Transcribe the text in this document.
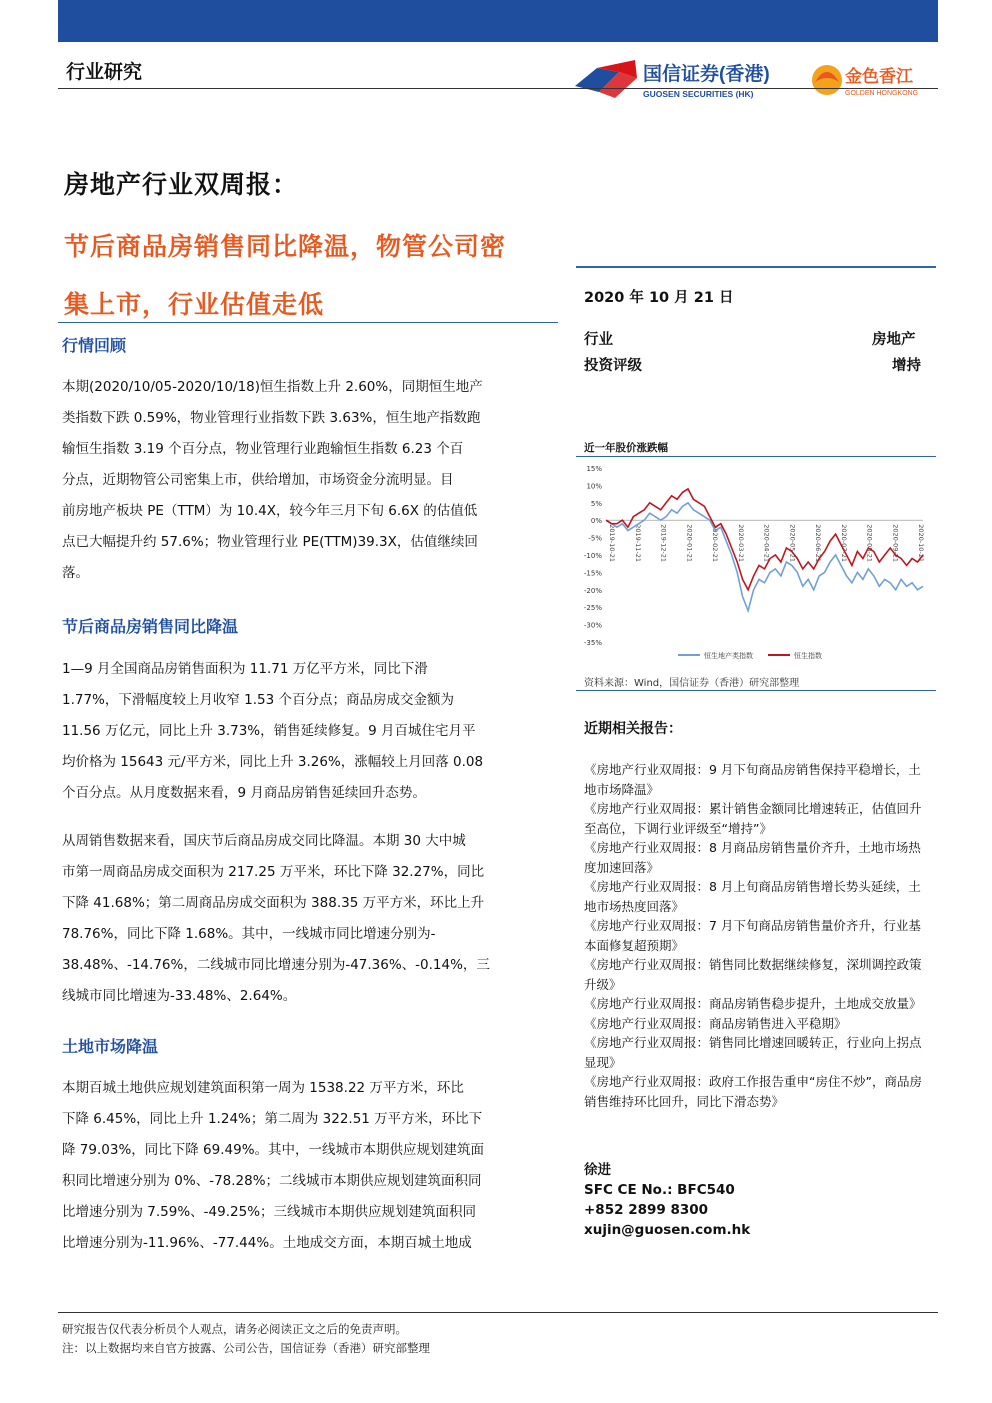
行业研究	国信证券(香港)
GUOSEN SECURITIES (HK)
金色香江
GOLDEN HONGKONG
房地产行业双周报：
节后商品房销售同比降温，物管公司密
集上市，行业估值走低
行情回顾
本期(2020/10/05-2020/10/18)恒生指数上升 2.60%，同期恒生地产
类指数下跌 0.59%，物业管理行业指数下跌 3.63%，恒生地产指数跑
输恒生指数 3.19 个百分点，物业管理行业跑输恒生指数 6.23 个百
分点，近期物管公司密集上市，供给增加，市场资金分流明显。目
前房地产板块 PE（TTM）为 10.4X，较今年三月下旬 6.6X 的估值低
点已大幅提升约 57.6%；物业管理行业 PE(TTM)39.3X，估值继续回
落。
节后商品房销售同比降温
1—9 月全国商品房销售面积为 11.71 万亿平方米，同比下滑
1.77%，下滑幅度较上月收窄 1.53 个百分点；商品房成交金额为
11.56 万亿元，同比上升 3.73%，销售延续修复。9 月百城住宅月平
均价格为 15643 元/平方米，同比上升 3.26%，涨幅较上月回落 0.08
个百分点。从月度数据来看，9 月商品房销售延续回升态势。
从周销售数据来看，国庆节后商品房成交同比降温。本期 30 大中城
市第一周商品房成交面积为 217.25 万平米，环比下降 32.27%，同比
下降 41.68%；第二周商品房成交面积为 388.35 万平方米，环比上升
78.76%，同比下降 1.68%。其中，一线城市同比增速分别为-
38.48%、-14.76%，二线城市同比增速分别为-47.36%、-0.14%，三
线城市同比增速为-33.48%、2.64%。
土地市场降温
本期百城土地供应规划建筑面积第一周为 1538.22 万平方米，环比
下降 6.45%，同比上升 1.24%；第二周为 322.51 万平方米，环比下
降 79.03%，同比下降 69.49%。其中，一线城市本期供应规划建筑面
积同比增速分别为 0%、-78.28%；二线城市本期供应规划建筑面积同
比增速分别为 7.59%、-49.25%；三线城市本期供应规划建筑面积同
比增速分别为-11.96%、-77.44%。土地成交方面，本期百城土地成
2020 年 10 月 21 日
行业	房地产
投资评级	增持
近一年股价涨跌幅
15%
10%
5%
0%
-5%
-10%
-15%
-20%
-25%
-30%
-35%
2019-10-21	2019-11-21	2019-12-21	2020-01-21	2020-02-21	2020-03-21	2020-04-21	2020-05-21	2020-06-21	2020-07-21	2020-08-21	2020-09-21	2020-10-21
恒生地产类指数	恒生指数
资料来源：Wind，国信证券（香港）研究部整理
近期相关报告：
《房地产行业双周报：9 月下旬商品房销售保持平稳增长，土地市场降温》
《房地产行业双周报：累计销售金额同比增速转正，估值回升至高位，下调行业评级至“增持”》
《房地产行业双周报：8 月商品房销售量价齐升，土地市场热度加速回落》
《房地产行业双周报：8 月上旬商品房销售增长势头延续，土地市场热度回落》
《房地产行业双周报：7 月下旬商品房销售量价齐升，行业基本面修复超预期》
《房地产行业双周报：销售同比数据继续修复，深圳调控政策升级》
《房地产行业双周报：商品房销售稳步提升，土地成交放量》
《房地产行业双周报：商品房销售进入平稳期》
《房地产行业双周报：销售同比增速回暖转正，行业向上拐点显现》
《房地产行业双周报：政府工作报告重申“房住不炒”，商品房销售维持环比回升，同比下滑态势》
徐进
SFC CE No.: BFC540
+852 2899 8300
xujin@guosen.com.hk
研究报告仅代表分析员个人观点，请务必阅读正文之后的免责声明。
注：以上数据均来自官方披露、公司公告，国信证券（香港）研究部整理
